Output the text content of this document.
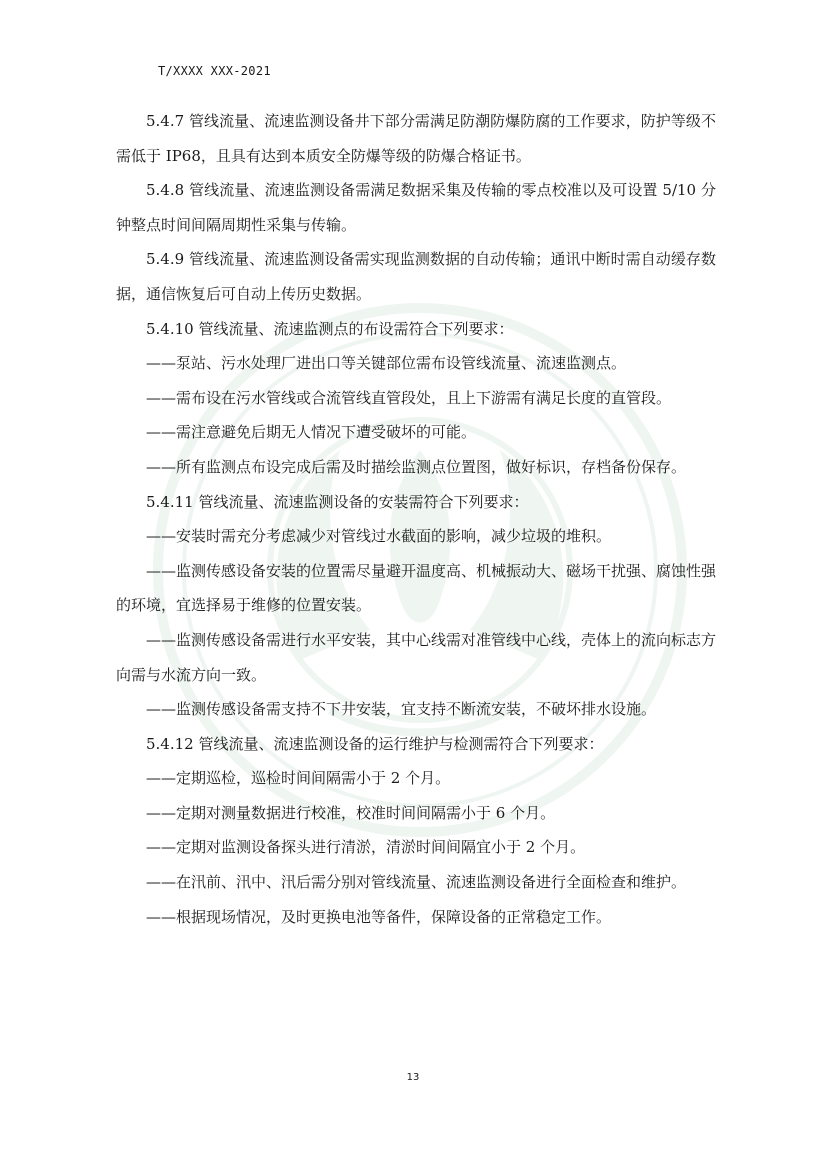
T/XXXX XXX-2021

5.4.7 管线流量、流速监测设备井下部分需满足防潮防爆防腐的工作要求，防护等级不需低于 IP68，且具有达到本质安全防爆等级的防爆合格证书。

5.4.8 管线流量、流速监测设备需满足数据采集及传输的零点校准以及可设置 5/10 分钟整点时间间隔周期性采集与传输。

5.4.9 管线流量、流速监测设备需实现监测数据的自动传输；通讯中断时需自动缓存数据，通信恢复后可自动上传历史数据。

5.4.10 管线流量、流速监测点的布设需符合下列要求：

——泵站、污水处理厂进出口等关键部位需布设管线流量、流速监测点。

——需布设在污水管线或合流管线直管段处，且上下游需有满足长度的直管段。

——需注意避免后期无人情况下遭受破坏的可能。

——所有监测点布设完成后需及时描绘监测点位置图，做好标识，存档备份保存。

5.4.11 管线流量、流速监测设备的安装需符合下列要求：

——安装时需充分考虑减少对管线过水截面的影响，减少垃圾的堆积。

——监测传感设备安装的位置需尽量避开温度高、机械振动大、磁场干扰强、腐蚀性强的环境，宜选择易于维修的位置安装。

——监测传感设备需进行水平安装，其中心线需对准管线中心线，壳体上的流向标志方向需与水流方向一致。

——监测传感设备需支持不下井安装，宜支持不断流安装，不破坏排水设施。

5.4.12 管线流量、流速监测设备的运行维护与检测需符合下列要求：

——定期巡检，巡检时间间隔需小于 2 个月。

——定期对测量数据进行校准，校准时间间隔需小于 6 个月。

——定期对监测设备探头进行清淤，清淤时间间隔宜小于 2 个月。

——在汛前、汛中、汛后需分别对管线流量、流速监测设备进行全面检查和维护。

——根据现场情况，及时更换电池等备件，保障设备的正常稳定工作。

13
